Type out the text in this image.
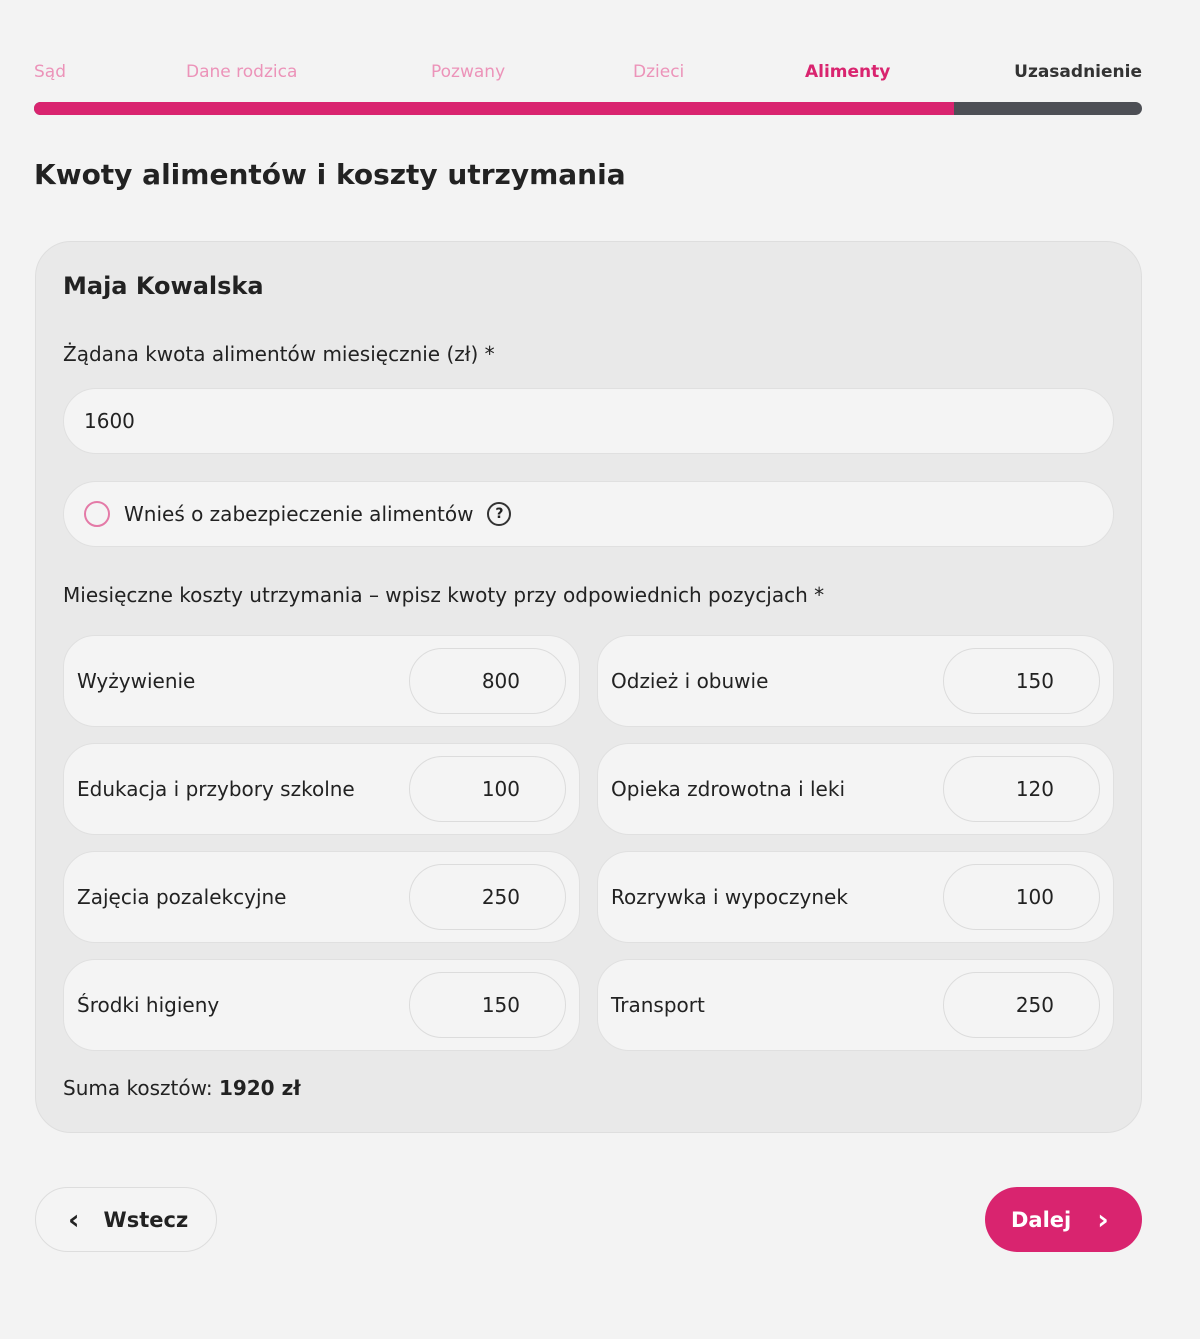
Sąd	Dane rodzica	Pozwany	Dzieci	Alimenty	Uzasadnienie
Kwoty alimentów i koszty utrzymania
Maja Kowalska
Żądana kwota alimentów miesięcznie (zł) *
1600
Wnieś o zabezpieczenie alimentów	?
Miesięczne koszty utrzymania – wpisz kwoty przy odpowiednich pozycjach *
Wyżywienie	800	Odzież i obuwie	150
Edukacja i przybory szkolne	100	Opieka zdrowotna i leki	120
Zajęcia pozalekcyjne	250	Rozrywka i wypoczynek	100
Środki higieny	150	Transport	250
Suma kosztów: 1920 zł
‹ Wstecz	Dalej ›
